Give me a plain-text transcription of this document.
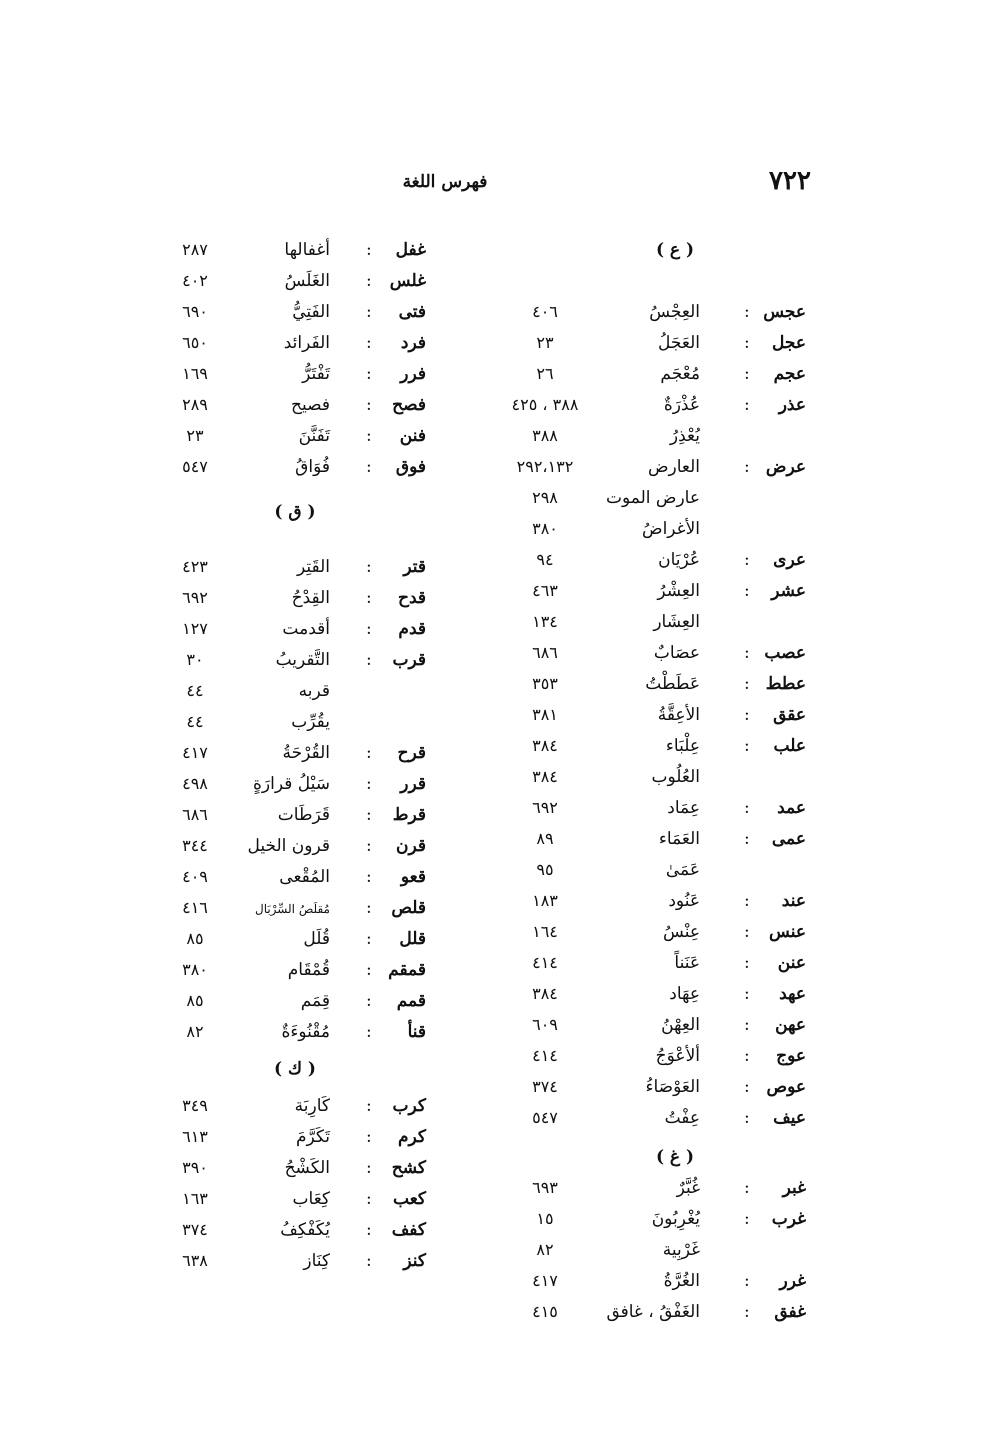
٧٢٢
فهرس اللغة
( ع )
عجس
:
العِجْسُ
٤٠٦
عجل
:
العَجَلُ
٢٣
عجم
:
مُعْجَم
٢٦
عذر
:
عُذْرَةٌ
٣٨٨ ، ٤٢٥
يُعْذِرُ
٣٨٨
عرض
:
العارض
٢٩٢،١٣٢
عارض الموت
٢٩٨
الأغراضُ
٣٨٠
عرى
:
عُرْيَان
٩٤
عشر
:
العِشْرُ
٤٦٣
العِشَار
١٣٤
عصب
:
عصَابٌ
٦٨٦
عطط
:
عَطَطْتُ
٣٥٣
عقق
:
الأعِقَّةُ
٣٨١
علب
:
عِلْبَاء
٣٨٤
العُلُوب
٣٨٤
عمد
:
عِمَاد
٦٩٢
عمى
:
العَمَاء
٨٩
عَمَىٰ
٩٥
عند
:
عَنُود
١٨٣
عنس
:
عِنْسُ
١٦٤
عنن
:
عَنَناً
٤١٤
عهد
:
عِهَاد
٣٨٤
عهن
:
العِهْنُ
٦٠٩
عوج
:
ألأعْوَجُ
٤١٤
عوص
:
العَوْصَاءُ
٣٧٤
عيف
:
عِفْتُ
٥٤٧
( غ )
غبر
:
غُبَّرٌ
٦٩٣
غرب
:
يُغْرِبُونَ
١٥
غَرْبِية
٨٢
غرر
:
الغُرَّةُ
٤١٧
غفق
:
الغَفْقُ ، غافق
٤١٥
غفل
:
أغفالها
٢٨٧
غلس
:
الغَلَسُ
٤٠٢
فتى
:
الفَتِيُّ
٦٩٠
فرد
:
الفَرائد
٦٥٠
فرر
:
تَفْتَرُّ
١٦٩
فصح
:
فصيح
٢٨٩
فنن
:
تَفَنَّنَ
٢٣
فوق
:
فُوَاقُ
٥٤٧
( ق )
قتر
:
القَتِر
٤٢٣
قدح
:
القِدْحُ
٦٩٢
قدم
:
أقدمت
١٢٧
قرب
:
التَّقريبُ
٣٠
قربه
٤٤
يقُرِّب
٤٤
قرح
:
القُرْحَةُ
٤١٧
قرر
:
سَيْلُ قرارَةٍ
٤٩٨
قرط
:
قَرَطَات
٦٨٦
قرن
:
قرون الخيل
٣٤٤
قعو
:
المُقْعى
٤٠٩
قلص
:
مُقلَصُ السِّرْبَال
٤١٦
قلل
:
قُلَل
٨٥
قمقم
:
قُمْقَام
٣٨٠
قمم
:
قِمَم
٨٥
قنأ
:
مُقْنُوءَةٌ
٨٢
( ك )
كرب
:
كَارِبَة
٣٤٩
كرم
:
تَكَرَّمَ
٦١٣
كشح
:
الكَشْحُ
٣٩٠
كعب
:
كِعَاب
١٦٣
كفف
:
يُكَفْكِفُ
٣٧٤
كنز
:
كِنَاز
٦٣٨
